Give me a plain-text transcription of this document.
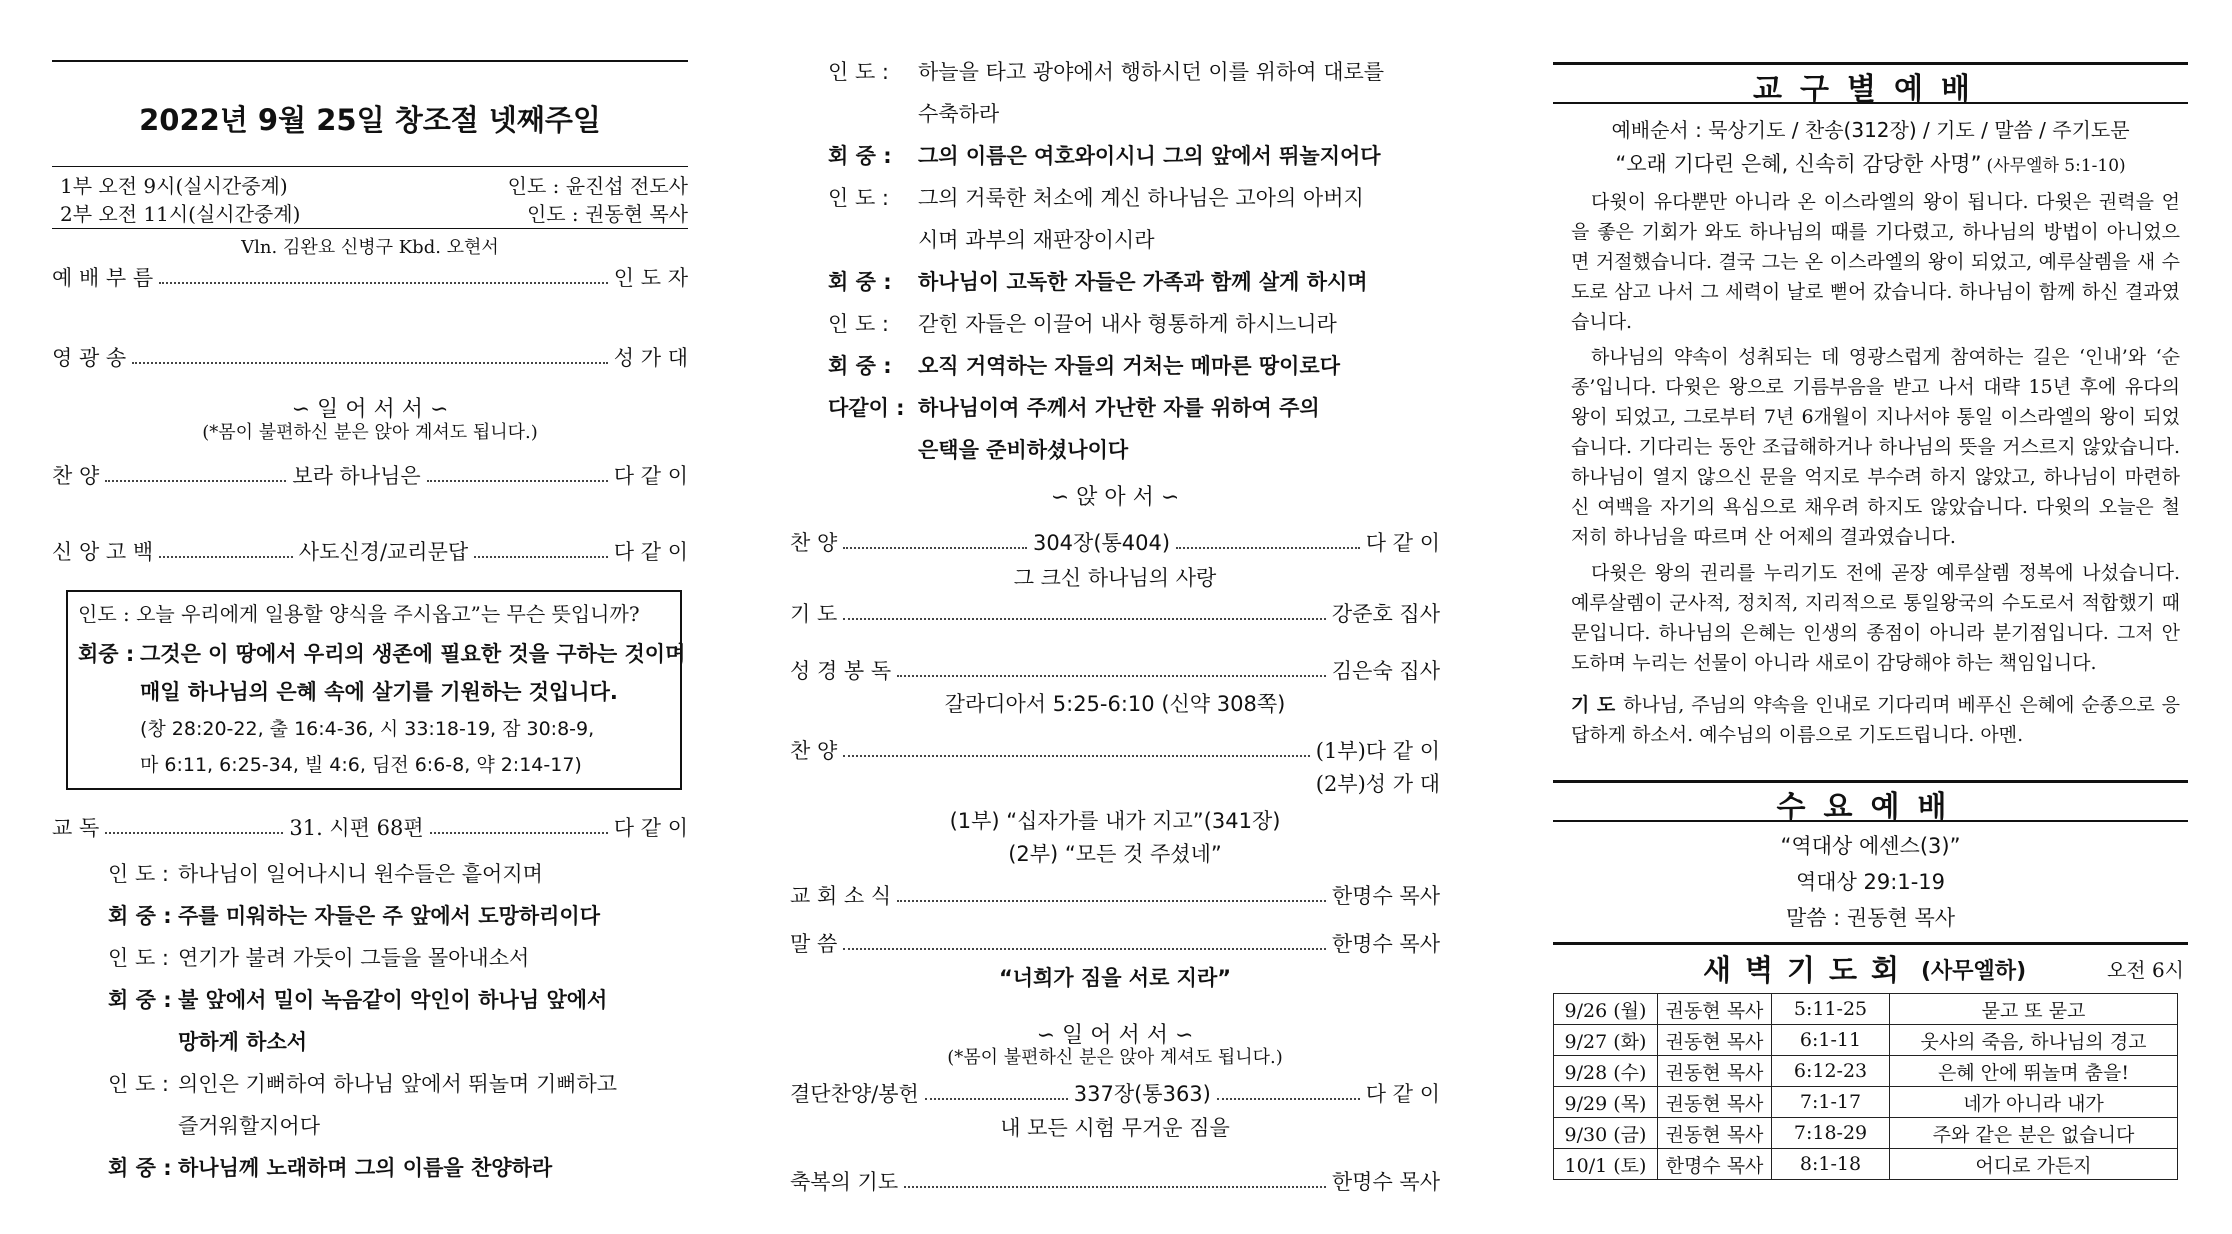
2022년 9월 25일 창조절 넷째주일
1부 오전 9시(실시간중계)	인도 : 윤진섭 전도사
2부 오전 11시(실시간중계)	인도 : 권동현 목사
Vln. 김완요 신병구 Kbd. 오현서
예 배 부 름	인 도 자
영 광 송	성 가 대
∽ 일 어 서 서 ∽
(*몸이 불편하신 분은 앉아 계셔도 됩니다.)
찬 양	보라 하나님은	다 같 이
신 앙 고 백	사도신경/교리문답	다 같 이
인도 : 오늘 우리에게 일용할 양식을 주시옵고”는 무슨 뜻입니까?
회중 : 그것은 이 땅에서 우리의 생존에 필요한 것을 구하는 것이며
매일 하나님의 은혜 속에 살기를 기원하는 것입니다.
(창 28:20-22, 출 16:4-36, 시 33:18-19, 잠 30:8-9,
마 6:11, 6:25-34, 빌 4:6, 딤전 6:6-8, 약 2:14-17)
교 독	31. 시편 68편	다 같 이
인 도 : 하나님이 일어나시니 원수들은 흩어지며
회 중 : 주를 미워하는 자들은 주 앞에서 도망하리이다
인 도 : 연기가 불려 가듯이 그들을 몰아내소서
회 중 : 불 앞에서 밀이 녹음같이 악인이 하나님 앞에서
망하게 하소서
인 도 : 의인은 기뻐하여 하나님 앞에서 뛰놀며 기뻐하고
즐거워할지어다
회 중 : 하나님께 노래하며 그의 이름을 찬양하라
인 도 : 하늘을 타고 광야에서 행하시던 이를 위하여 대로를
수축하라
회 중 : 그의 이름은 여호와이시니 그의 앞에서 뛰놀지어다
인 도 : 그의 거룩한 처소에 계신 하나님은 고아의 아버지
시며 과부의 재판장이시라
회 중 : 하나님이 고독한 자들은 가족과 함께 살게 하시며
인 도 : 갇힌 자들은 이끌어 내사 형통하게 하시느니라
회 중 : 오직 거역하는 자들의 거처는 메마른 땅이로다
다같이 : 하나님이여 주께서 가난한 자를 위하여 주의
은택을 준비하셨나이다
∽ 앉 아 서 ∽
찬 양	304장(통404)	다 같 이
그 크신 하나님의 사랑
기 도	강준호 집사
성 경 봉 독	김은숙 집사
갈라디아서 5:25-6:10 (신약 308쪽)
찬 양	(1부)다 같 이
(2부)성 가 대
(1부) “십자가를 내가 지고”(341장)
(2부) “모든 것 주셨네”
교 회 소 식	한명수 목사
말 씀	한명수 목사
“너희가 짐을 서로 지라”
∽ 일 어 서 서 ∽
(*몸이 불편하신 분은 앉아 계셔도 됩니다.)
결단찬양/봉헌	337장(통363)	다 같 이
내 모든 시험 무거운 짐을
축복의 기도	한명수 목사
교구별예배
예배순서 : 묵상기도 / 찬송(312장) / 기도 / 말씀 / 주기도문
“오래 기다린 은혜, 신속히 감당한 사명” (사무엘하 5:1-10)
다윗이 유다뿐만 아니라 온 이스라엘의 왕이 됩니다. 다윗은 권력을 얻을 좋은 기회가 와도 하나님의 때를 기다렸고, 하나님의 방법이 아니었으면 거절했습니다. 결국 그는 온 이스라엘의 왕이 되었고, 예루살렘을 새 수도로 삼고 나서 그 세력이 날로 뻗어 갔습니다. 하나님이 함께 하신 결과였습니다.
하나님의 약속이 성취되는 데 영광스럽게 참여하는 길은 ‘인내’와 ‘순종’입니다. 다윗은 왕으로 기름부음을 받고 나서 대략 15년 후에 유다의 왕이 되었고, 그로부터 7년 6개월이 지나서야 통일 이스라엘의 왕이 되었습니다. 기다리는 동안 조급해하거나 하나님의 뜻을 거스르지 않았습니다. 하나님이 열지 않으신 문을 억지로 부수려 하지 않았고, 하나님이 마련하신 여백을 자기의 욕심으로 채우려 하지도 않았습니다. 다윗의 오늘은 철저히 하나님을 따르며 산 어제의 결과였습니다.
다윗은 왕의 권리를 누리기도 전에 곧장 예루살렘 정복에 나섰습니다. 예루살렘이 군사적, 정치적, 지리적으로 통일왕국의 수도로서 적합했기 때문입니다. 하나님의 은혜는 인생의 종점이 아니라 분기점입니다. 그저 안도하며 누리는 선물이 아니라 새로이 감당해야 하는 책임입니다.
기 도 하나님, 주님의 약속을 인내로 기다리며 베푸신 은혜에 순종으로 응답하게 하소서. 예수님의 이름으로 기도드립니다. 아멘.
수요예배
“역대상 에센스(3)”
역대상 29:1-19
말씀 : 권동현 목사
새벽기도회 (사무엘하)	오전 6시
9/26 (월)	권동현 목사	5:11-25	묻고 또 묻고
9/27 (화)	권동현 목사	6:1-11	웃사의 죽음, 하나님의 경고
9/28 (수)	권동현 목사	6:12-23	은혜 안에 뛰놀며 춤을!
9/29 (목)	권동현 목사	7:1-17	네가 아니라 내가
9/30 (금)	권동현 목사	7:18-29	주와 같은 분은 없습니다
10/1 (토)	한명수 목사	8:1-18	어디로 가든지
